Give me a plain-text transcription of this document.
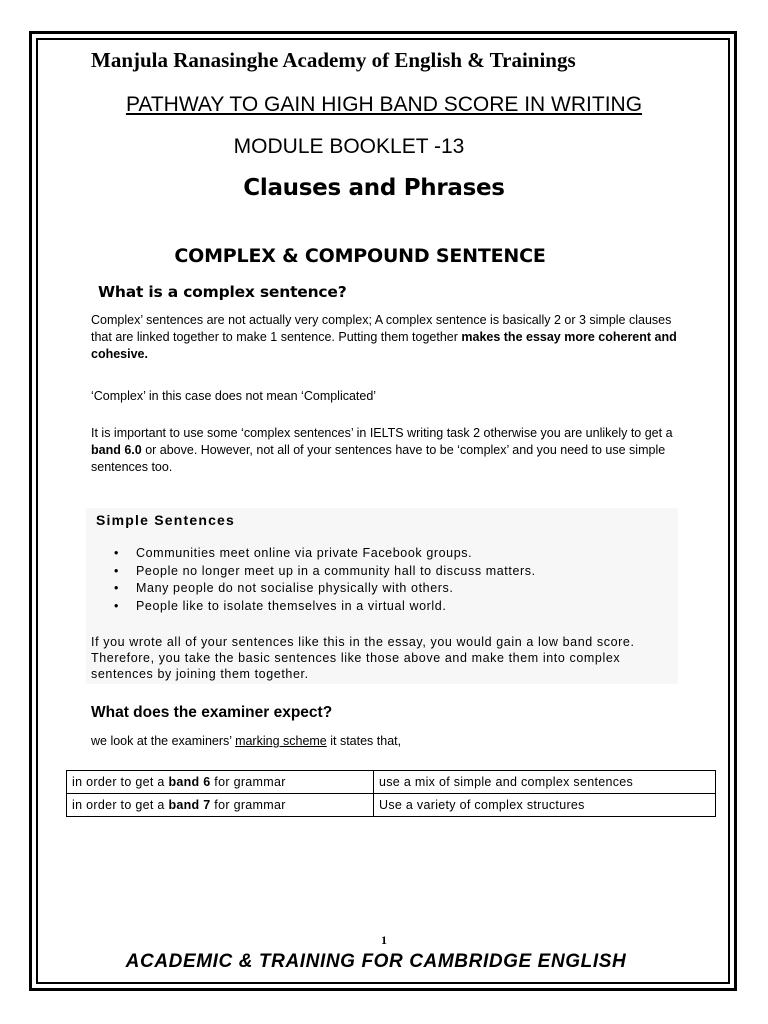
Manjula Ranasinghe Academy of English & Trainings
PATHWAY TO GAIN HIGH BAND SCORE IN WRITING
MODULE BOOKLET -13
Clauses and Phrases
COMPLEX & COMPOUND SENTENCE
What is a complex sentence?
Complex’ sentences are not actually very complex; A complex sentence is basically 2 or 3 simple clauses that are linked together to make 1 sentence. Putting them together makes the essay more coherent and cohesive.
‘Complex’ in this case does not mean ‘Complicated’
It is important to use some ‘complex sentences’ in IELTS writing task 2 otherwise you are unlikely to get a band 6.0 or above. However, not all of your sentences have to be ‘complex’ and you need to use simple sentences too.
Simple Sentences
• Communities meet online via private Facebook groups.
• People no longer meet up in a community hall to discuss matters.
• Many people do not socialise physically with others.
• People like to isolate themselves in a virtual world.
If you wrote all of your sentences like this in the essay, you would gain a low band score. Therefore, you take the basic sentences like those above and make them into complex sentences by joining them together.
What does the examiner expect?
we look at the examiners’ marking scheme it states that,
in order to get a band 6 for grammar	use a mix of simple and complex sentences
in order to get a band 7 for grammar	Use a variety of complex structures
1
ACADEMIC & TRAINING FOR CAMBRIDGE ENGLISH
